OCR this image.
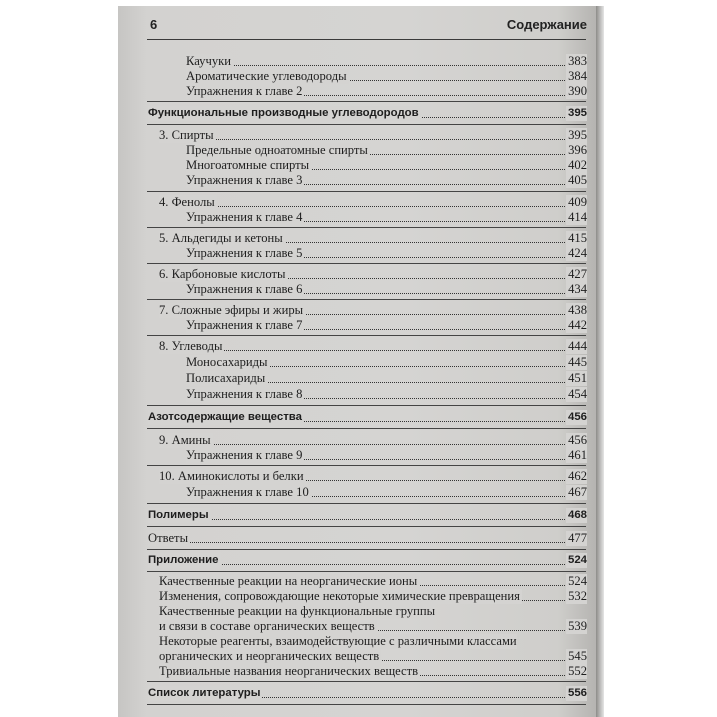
6	Содержание
Каучуки	383
Ароматические углеводороды	384
Упражнения к главе 2	390
Функциональные производные углеводородов	395
3. Спирты	395
Предельные одноатомные спирты	396
Многоатомные спирты	402
Упражнения к главе 3	405
4. Фенолы	409
Упражнения к главе 4	414
5. Альдегиды и кетоны	415
Упражнения к главе 5	424
6. Карбоновые кислоты	427
Упражнения к главе 6	434
7. Сложные эфиры и жиры	438
Упражнения к главе 7	442
8. Углеводы	444
Моносахариды	445
Полисахариды	451
Упражнения к главе 8	454
Азотсодержащие вещества	456
9. Амины	456
Упражнения к главе 9	461
10. Аминокислоты и белки	462
Упражнения к главе 10	467
Полимеры	468
Ответы	477
Приложение	524
Качественные реакции на неорганические ионы	524
Изменения, сопровождающие некоторые химические превращения	532
Качественные реакции на функциональные группы
и связи в составе органических веществ	539
Некоторые реагенты, взаимодействующие с различными классами
органических и неорганических веществ	545
Тривиальные названия неорганических веществ	552
Список литературы	556
